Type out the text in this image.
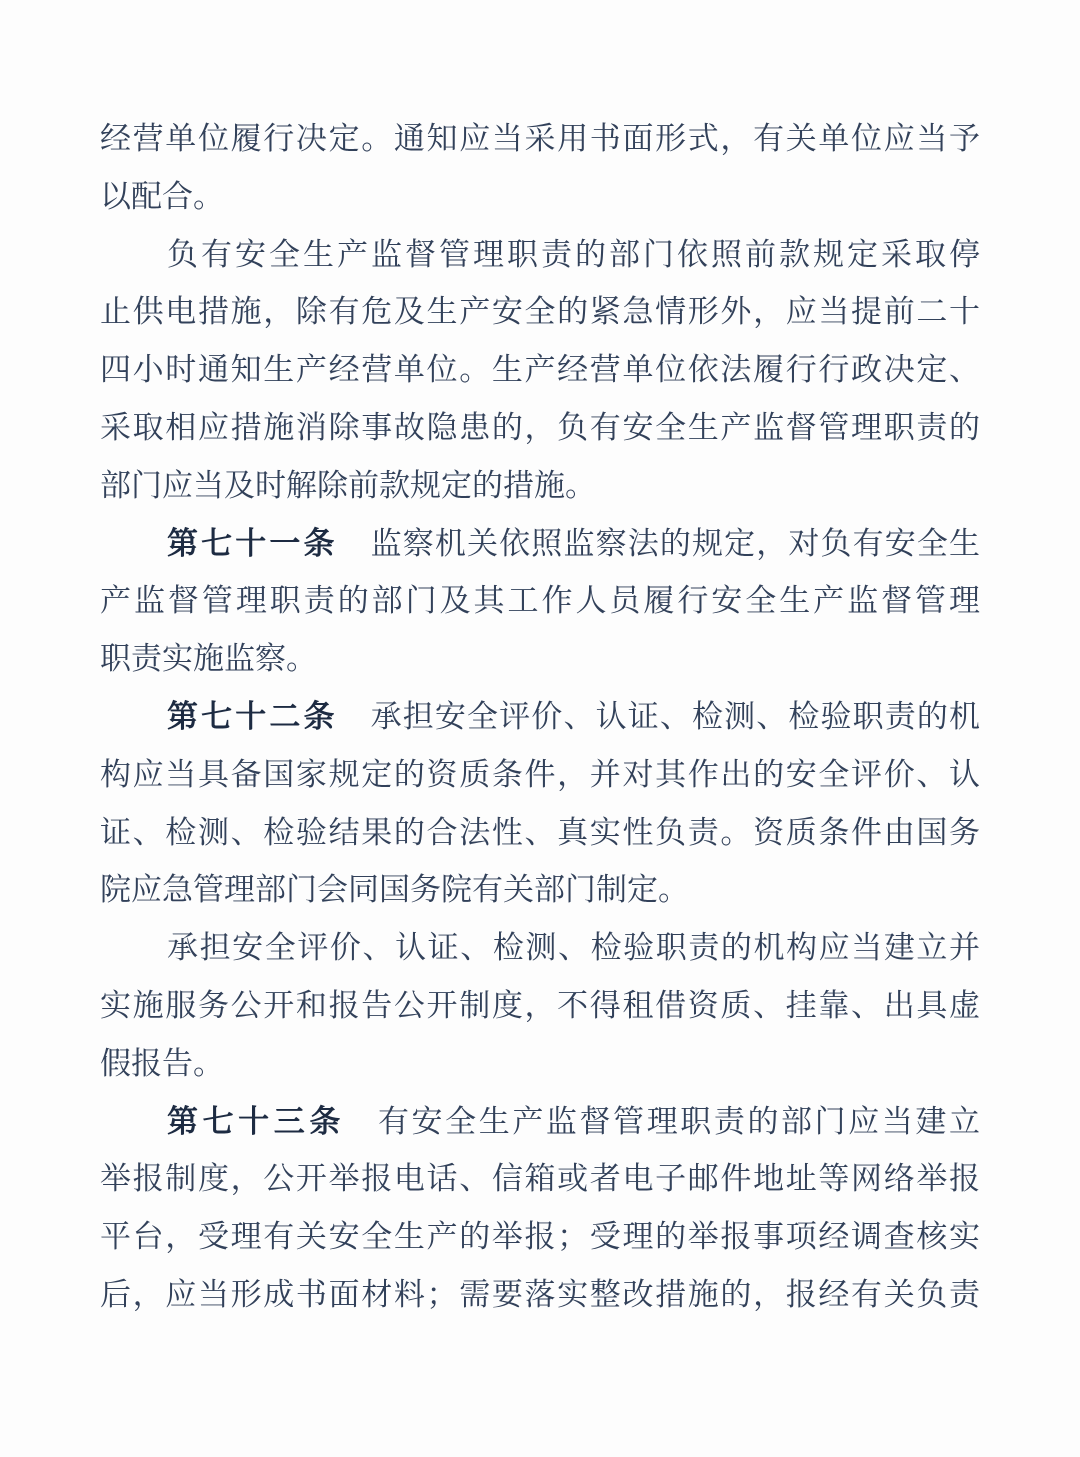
经营单位履行决定。通知应当采用书面形式，有关单位应当予
以配合。
负有安全生产监督管理职责的部门依照前款规定采取停
止供电措施，除有危及生产安全的紧急情形外，应当提前二十
四小时通知生产经营单位。生产经营单位依法履行行政决定、
采取相应措施消除事故隐患的，负有安全生产监督管理职责的
部门应当及时解除前款规定的措施。
第七十一条 监察机关依照监察法的规定，对负有安全生
产监督管理职责的部门及其工作人员履行安全生产监督管理
职责实施监察。
第七十二条 承担安全评价、认证、检测、检验职责的机
构应当具备国家规定的资质条件，并对其作出的安全评价、认
证、检测、检验结果的合法性、真实性负责。资质条件由国务
院应急管理部门会同国务院有关部门制定。
承担安全评价、认证、检测、检验职责的机构应当建立并
实施服务公开和报告公开制度，不得租借资质、挂靠、出具虚
假报告。
第七十三条 有安全生产监督管理职责的部门应当建立
举报制度，公开举报电话、信箱或者电子邮件地址等网络举报
平台，受理有关安全生产的举报；受理的举报事项经调查核实
后，应当形成书面材料；需要落实整改措施的，报经有关负责
